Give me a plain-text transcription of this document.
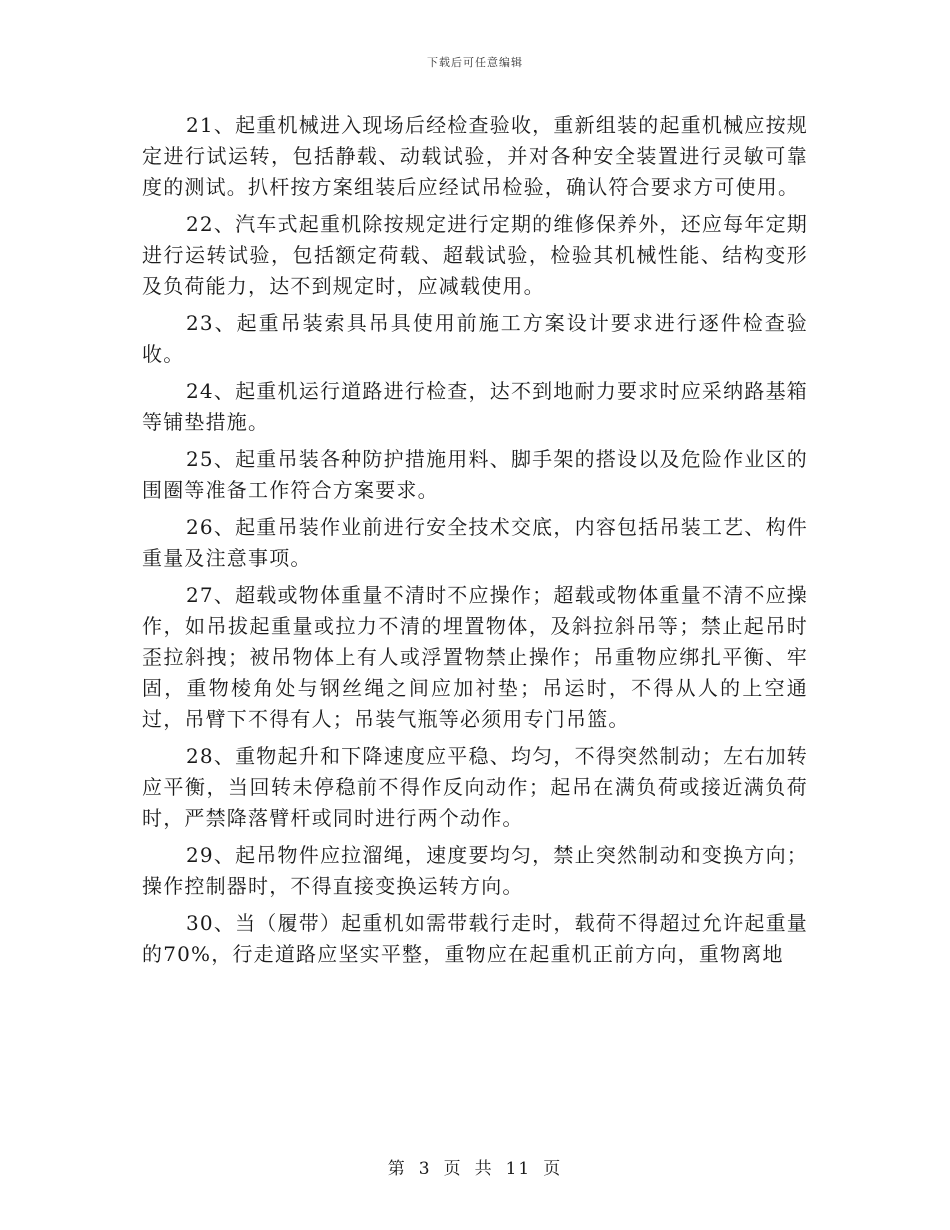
下载后可任意编辑

21、起重机械进入现场后经检查验收，重新组装的起重机械应按规定进行试运转，包括静载、动载试验，并对各种安全装置进行灵敏可靠度的测试。扒杆按方案组装后应经试吊检验，确认符合要求方可使用。

22、汽车式起重机除按规定进行定期的维修保养外，还应每年定期进行运转试验，包括额定荷载、超载试验，检验其机械性能、结构变形及负荷能力，达不到规定时，应减载使用。

23、起重吊装索具吊具使用前施工方案设计要求进行逐件检查验收。

24、起重机运行道路进行检查，达不到地耐力要求时应采纳路基箱等铺垫措施。

25、起重吊装各种防护措施用料、脚手架的搭设以及危险作业区的围圈等准备工作符合方案要求。

26、起重吊装作业前进行安全技术交底，内容包括吊装工艺、构件重量及注意事项。

27、超载或物体重量不清时不应操作；超载或物体重量不清不应操作，如吊拔起重量或拉力不清的埋置物体，及斜拉斜吊等；禁止起吊时歪拉斜拽；被吊物体上有人或浮置物禁止操作；吊重物应绑扎平衡、牢固，重物棱角处与钢丝绳之间应加衬垫；吊运时，不得从人的上空通过，吊臂下不得有人；吊装气瓶等必须用专门吊篮。

28、重物起升和下降速度应平稳、均匀，不得突然制动；左右加转应平衡，当回转未停稳前不得作反向动作；起吊在满负荷或接近满负荷时，严禁降落臂杆或同时进行两个动作。

29、起吊物件应拉溜绳，速度要均匀，禁止突然制动和变换方向；操作控制器时，不得直接变换运转方向。

30、当（履带）起重机如需带载行走时，载荷不得超过允许起重量的70%，行走道路应坚实平整，重物应在起重机正前方向，重物离地

第 3 页 共 11 页
